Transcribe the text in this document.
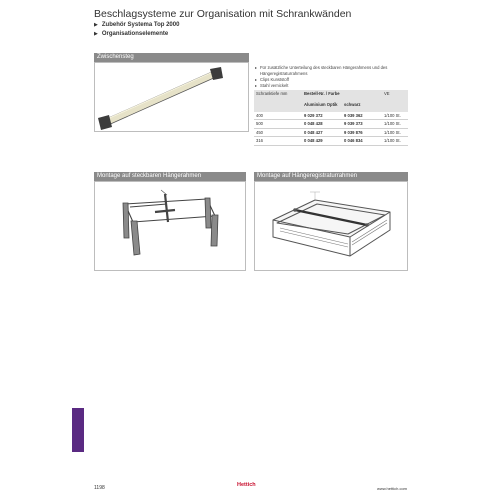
Beschlagsysteme zur Organisation mit Schrankwänden
▶ Zubehör Systema Top 2000
▶ Organisationselemente
Zwischensteg
▸ Für zusätzliche Unterteilung des steckbaren Hängerahmens und des
Hängeregistraturrahmens
▸ Clips Kunststoff
▸ Stahl vernickelt
Schranktiefe mm	Bestell-Nr. / Farbe		VE
	Aluminium Optik	schwarz	
400	9 029 372	9 039 362	1/100 St.
500	0 048 428	9 039 373	1/100 St.
450	0 048 427	9 039 876	1/100 St.
316	0 048 429	0 046 834	1/100 St.
Montage auf steckbaren Hängerahmen	Montage auf Hängeregistraturrahmen
1198	Hettich
www.hettich.com
